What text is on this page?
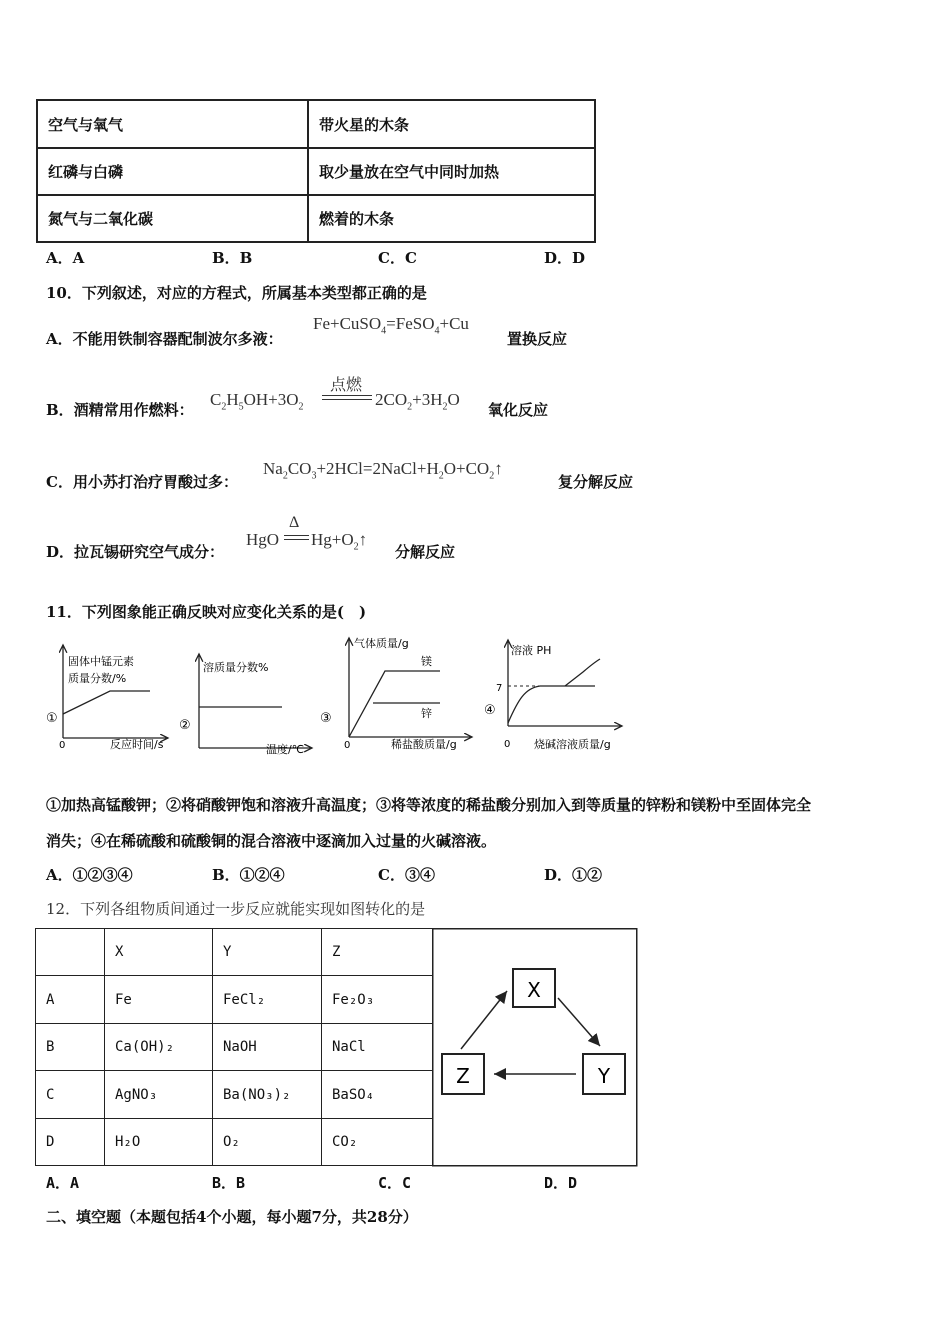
空气与氧气	带火星的木条
红磷与白磷	取少量放在空气中同时加热
氮气与二氧化碳	燃着的木条
A．A	B．B	C．C	D．D
10．下列叙述，对应的方程式，所属基本类型都正确的是
A．不能用铁制容器配制波尔多液：
Fe+CuSO$_4$=FeSO$_4$+Cu
置换反应
B．酒精常用作燃料：
$C_2H_5OH+3O_2$
点燃
$2CO_2+3H_2O$
氧化反应
C．用小苏打治疗胃酸过多：
$Na_2CO_3+2HCl=2NaCl+H_2O+CO_2↑$
复分解反应
D．拉瓦锡研究空气成分：
HgO
Δ
$Hg+O_2↑$
分解反应
11．下列图象能正确反映对应变化关系的是(　)
固体中锰元素
质量分数/%
反应时间/s
0
①
溶质量分数%
温度/℃
②
气体质量/g
镁
锌
稀盐酸质量/g
0
③
溶液 PH
7
烧碱溶液质量/g
0
④
①加热高锰酸钾；②将硝酸钾饱和溶液升高温度；③将等浓度的稀盐酸分别加入到等质量的锌粉和镁粉中至固体完全
消失；④在稀硫酸和硫酸铜的混合溶液中逐滴加入过量的火碱溶液。
A．①②③④	B．①②④	C．③④	D．①②
12．下列各组物质间通过一步反应就能实现如图转化的是
	X	Y	Z
A	Fe	FeCl₂	Fe₂O₃
B	Ca(OH)₂	NaOH	NaCl
C	AgNO₃	Ba(NO₃)₂	BaSO₄
D	H₂O	O₂	CO₂
X
Y
Z
A．A	B．B	C．C	D．D
二、填空题（本题包括4个小题，每小题7分，共28分）
